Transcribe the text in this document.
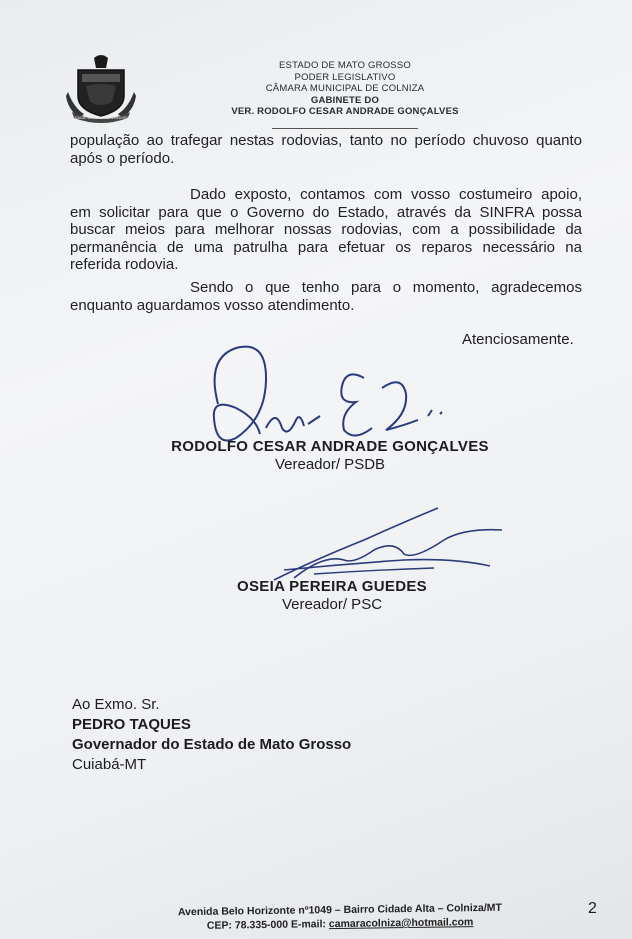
CIDADE AMIGA E ACOLHEDORA
ESTADO DE MATO GROSSO
PODER LEGISLATIVO
CÂMARA MUNICIPAL DE COLNIZA
GABINETE DO
VER. RODOLFO CESAR ANDRADE GONÇALVES
população ao trafegar nestas rodovias, tanto no período chuvoso quanto
após o período.
Dado exposto, contamos com vosso costumeiro apoio,
em solicitar para que o Governo do Estado, através da SINFRA possa
buscar meios para melhorar nossas rodovias, com a possibilidade da
permanência de uma patrulha para efetuar os reparos necessário na
referida rodovia.
Sendo o que tenho para o momento, agradecemos
enquanto aguardamos vosso atendimento.
Atenciosamente.
RODOLFO CESAR ANDRADE GONÇALVES
Vereador/ PSDB
OSEIA PEREIRA GUEDES
Vereador/ PSC
Ao Exmo. Sr.
PEDRO TAQUES
Governador do Estado de Mato Grosso
Cuiabá-MT
Avenida Belo Horizonte nº1049 – Bairro Cidade Alta – Colniza/MT
CEP: 78.335-000 E-mail: camaracolniza@hotmail.com
2
